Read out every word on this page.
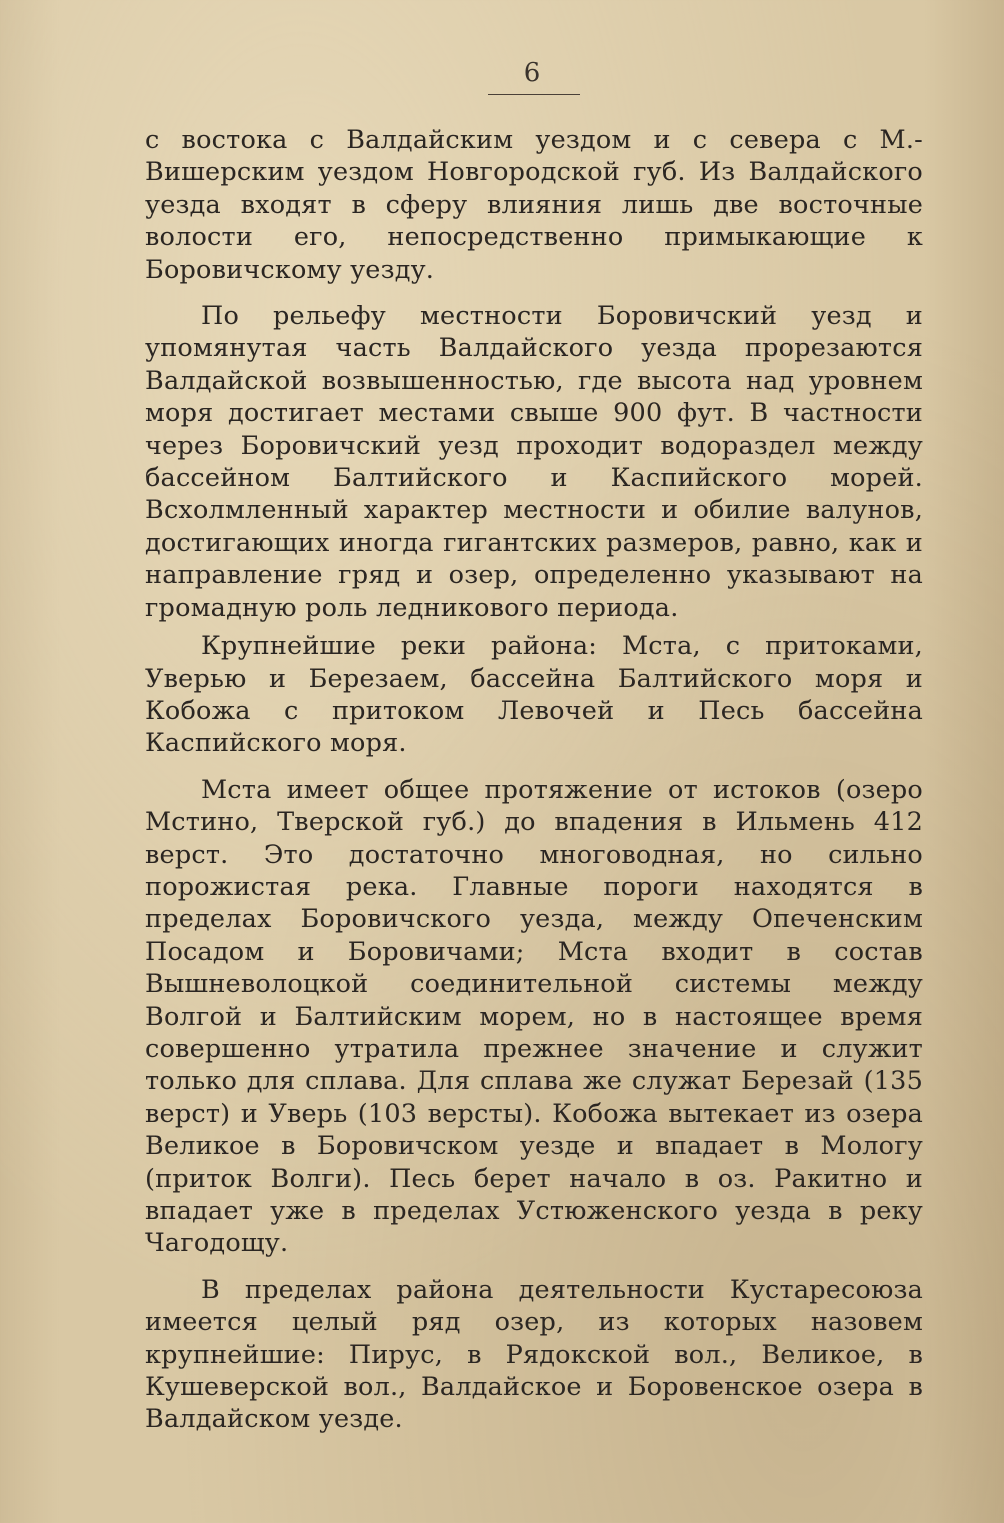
6

с востока с Валдайским уездом и с севера с М.-Вишерским уездом Новгородской губ. Из Валдайского уезда входят в сферу влияния лишь две восточные волости его, непосредственно примыкающие к Боровичскому уезду.

По рельефу местности Боровичский уезд и упомянутая часть Валдайского уезда прорезаются Валдайской возвышенностью, где высота над уровнем моря достигает местами свыше 900 фут. В частности через Боровичский уезд проходит водораздел между бассейном Балтийского и Каспийского морей. Всхолмленный характер местности и обилие валунов, достигающих иногда гигантских размеров, равно, как и направление гряд и озер, определенно указывают на громадную роль ледникового периода.

Крупнейшие реки района: Мста, с притоками, Уверью и Березаем, бассейна Балтийского моря и Кобожа с притоком Левочей и Песь бассейна Каспийского моря.

Мста имеет общее протяжение от истоков (озеро Мстино, Тверской губ.) до впадения в Ильмень 412 верст. Это достаточно многоводная, но сильно порожистая река. Главные пороги находятся в пределах Боровичского уезда, между Опеченским Посадом и Боровичами; Мста входит в состав Вышневолоцкой соединительной системы между Волгой и Балтийским морем, но в настоящее время совершенно утратила прежнее значение и служит только для сплава. Для сплава же служат Березай (135 верст) и Уверь (103 версты). Кобожа вытекает из озера Великое в Боровичском уезде и впадает в Мологу (приток Волги). Песь берет начало в оз. Ракитно и впадает уже в пределах Устюженского уезда в реку Чагодощу.

В пределах района деятельности Кустаресоюза имеется целый ряд озер, из которых назовем крупнейшие: Пирус, в Рядокской вол., Великое, в Кушеверской вол., Валдайское и Боровенское озера в Валдайском уезде.
